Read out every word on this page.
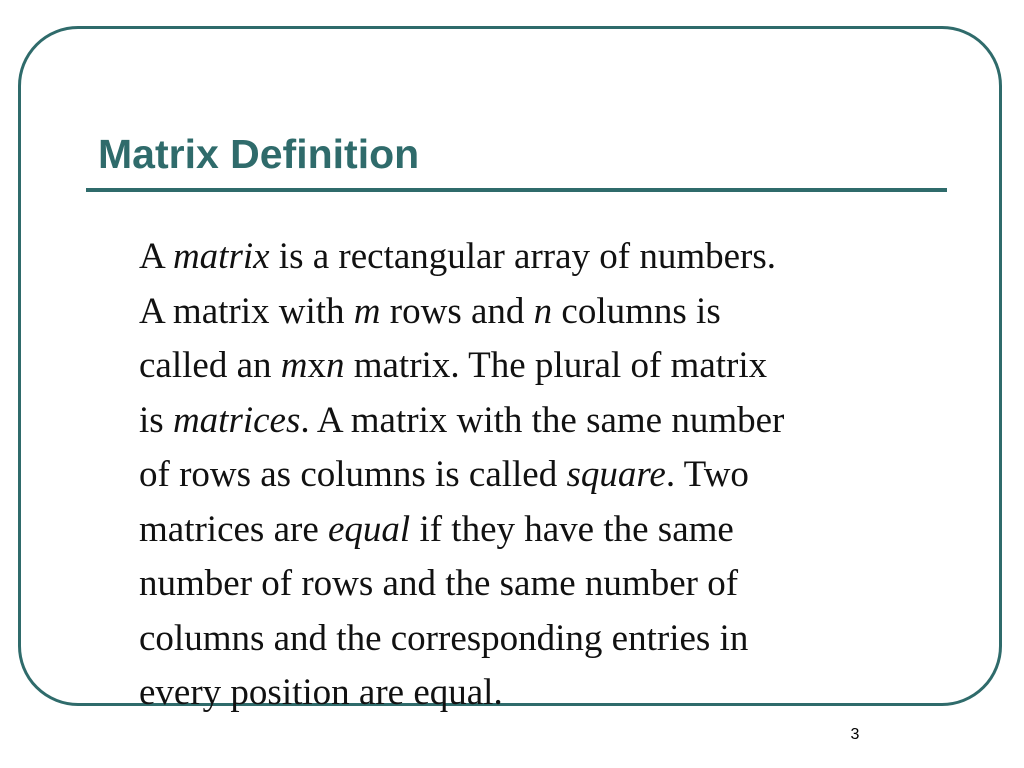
Matrix Definition
A matrix is a rectangular array of numbers.
A matrix with m rows and n columns is
called an mxn matrix. The plural of matrix
is matrices. A matrix with the same number
of rows as columns is called square. Two
matrices are equal if they have the same
number of rows and the same number of
columns and the corresponding entries in
every position are equal.
3
